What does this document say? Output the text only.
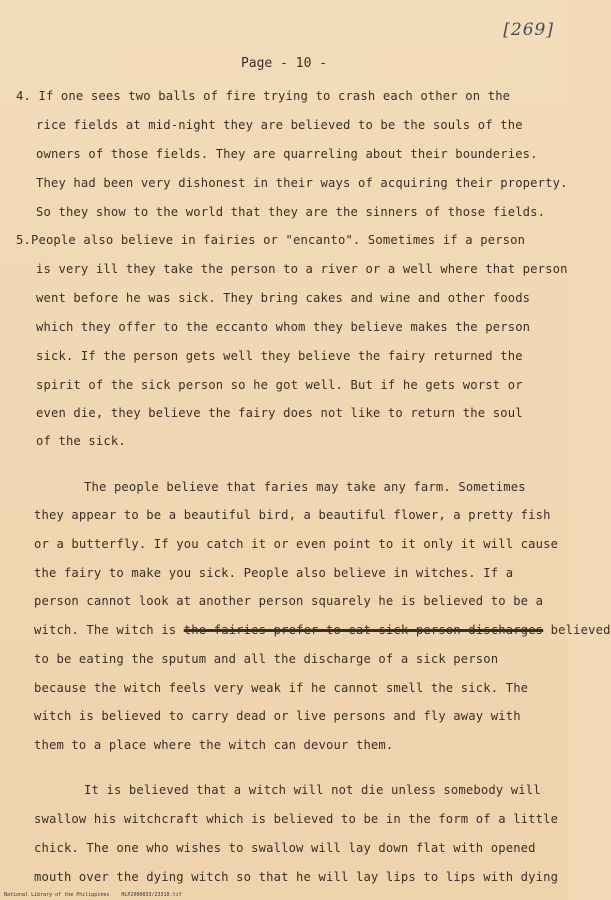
[269]
Page - 10 -
4. If one sees two balls of fire trying to crash each other on the
rice fields at mid-night they are believed to be the souls of the
owners of those fields. They are quarreling about their bounderies.
They had been very dishonest in their ways of acquiring their property.
So they show to the world that they are the sinners of those fields.
5.People also believe in fairies or "encanto". Sometimes if a person
is very ill they take the person to a river or a well where that person
went before he was sick. They bring cakes and wine and other foods
which they offer to the eccanto whom they believe makes the person
sick. If the person gets well they believe the fairy returned the
spirit of the sick person so he got well. But if he gets worst or
even die, they believe the fairy does not like to return the soul
of the sick.
The people believe that faries may take any farm. Sometimes
they appear to be a beautiful bird, a beautiful flower, a pretty fish
or a butterfly. If you catch it or even point to it only it will cause
the fairy to make you sick. People also believe in witches. If a
person cannot look at another person squarely he is believed to be a
witch. The witch is the fairies prefer to eat sick person discharges believed
to be eating the sputum and all the discharge of a sick person
because the witch feels very weak if he cannot smell the sick. The
witch is believed to carry dead or live persons and fly away with
them to a place where the witch can devour them.
It is believed that a witch will not die unless somebody will
swallow his witchcraft which is believed to be in the form of a little
chick. The one who wishes to swallow will lay down flat with opened
mouth over the dying witch so that he will lay lips to lips with dying
National Library of the Philippines    HLP2000033/23310.tif
